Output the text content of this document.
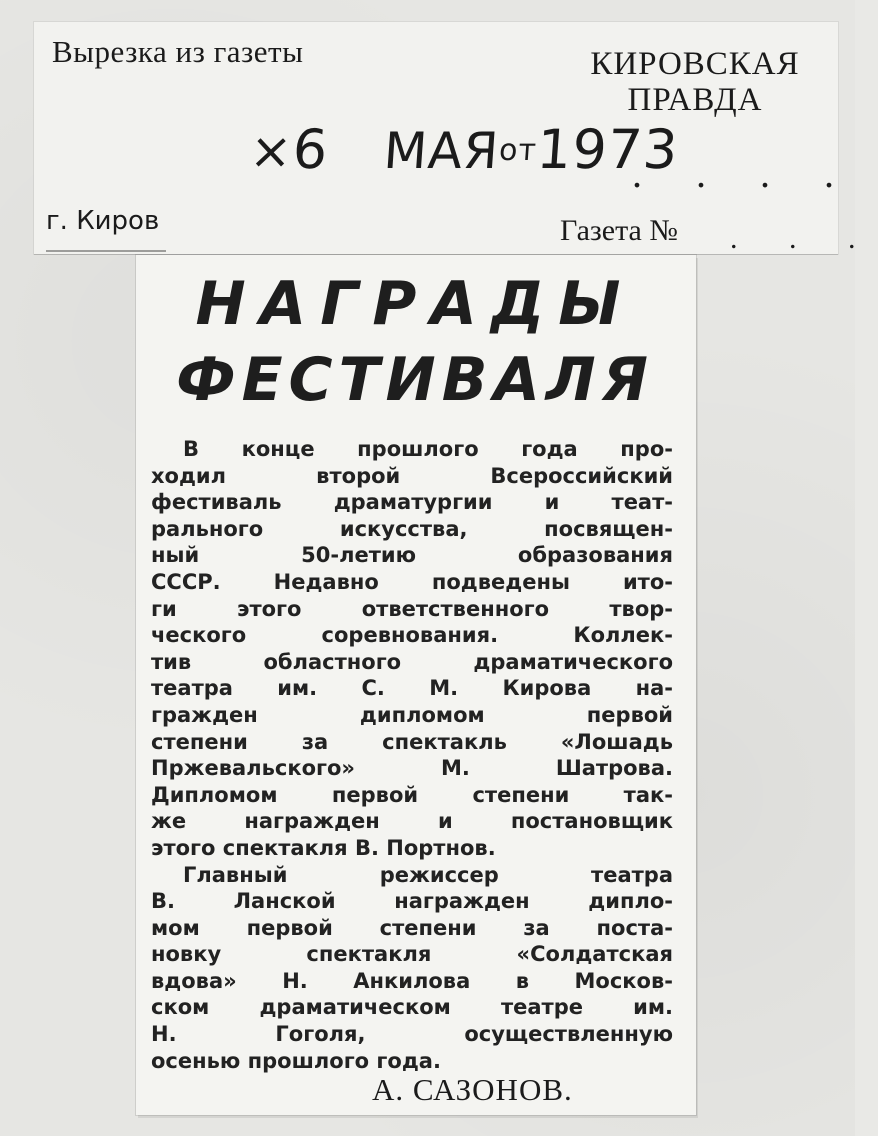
Вырезка из газеты	КИРОВСКАЯ
ПРАВДА
×6 МАЯот1973
. . . .
г. Киров	Газета № . . .
НАГРАДЫ
ФЕСТИВАЛЯ
В конце прошлого года про-
ходил второй Всероссийский
фестиваль драматургии и теат-
рального искусства, посвящен-
ный 50-летию образования
СССР. Недавно подведены ито-
ги этого ответственного твор-
ческого соревнования. Коллек-
тив областного драматического
театра им. С. М. Кирова на-
гражден дипломом первой
степени за спектакль «Лошадь
Пржевальского» М. Шатрова.
Дипломом первой степени так-
же награжден и постановщик
этого спектакля В. Портнов.
Главный режиссер театра
В. Ланской награжден дипло-
мом первой степени за поста-
новку спектакля «Солдатская
вдова» Н. Анкилова в Москов-
ском драматическом театре им.
Н. Гоголя, осуществленную
осенью прошлого года.
А. САЗОНОВ.
